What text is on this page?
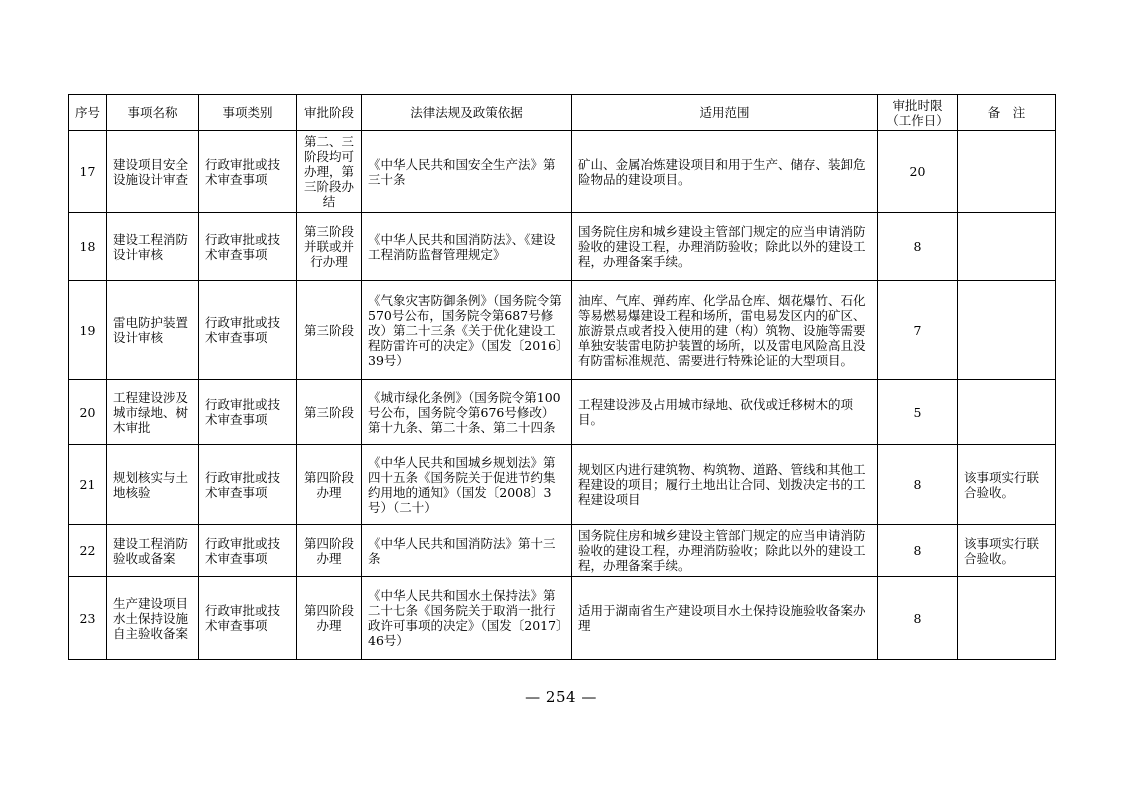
序号	事项名称	事项类别	审批阶段	法律法规及政策依据	适用范围	审批时限（工作日）	备　注
17	建设项目安全设施设计审查	行政审批或技术审查事项	第二、三阶段均可办理，第三阶段办结	《中华人民共和国安全生产法》第三十条	矿山、金属冶炼建设项目和用于生产、储存、装卸危险物品的建设项目。	20	
18	建设工程消防设计审核	行政审批或技术审查事项	第三阶段并联或并行办理	《中华人民共和国消防法》、《建设工程消防监督管理规定》	国务院住房和城乡建设主管部门规定的应当申请消防验收的建设工程，办理消防验收；除此以外的建设工程，办理备案手续。	8	
19	雷电防护装置设计审核	行政审批或技术审查事项	第三阶段	《气象灾害防御条例》（国务院令第570号公布，国务院令第687号修改）第二十三条《关于优化建设工程防雷许可的决定》（国发〔2016〕39号）	油库、气库、弹药库、化学品仓库、烟花爆竹、石化等易燃易爆建设工程和场所，雷电易发区内的矿区、旅游景点或者投入使用的建（构）筑物、设施等需要单独安装雷电防护装置的场所，以及雷电风险高且没有防雷标准规范、需要进行特殊论证的大型项目。	7	
20	工程建设涉及城市绿地、树木审批	行政审批或技术审查事项	第三阶段	《城市绿化条例》（国务院令第100号公布，国务院令第676号修改）第十九条、第二十条、第二十四条	工程建设涉及占用城市绿地、砍伐或迁移树木的项目。	5	
21	规划核实与土地核验	行政审批或技术审查事项	第四阶段办理	《中华人民共和国城乡规划法》第四十五条《国务院关于促进节约集约用地的通知》（国发〔2008〕3号）（二十）	规划区内进行建筑物、构筑物、道路、管线和其他工程建设的项目；履行土地出让合同、划拨决定书的工程建设项目	8	该事项实行联合验收。
22	建设工程消防验收或备案	行政审批或技术审查事项	第四阶段办理	《中华人民共和国消防法》第十三条	国务院住房和城乡建设主管部门规定的应当申请消防验收的建设工程，办理消防验收；除此以外的建设工程，办理备案手续。	8	该事项实行联合验收。
23	生产建设项目水土保持设施自主验收备案	行政审批或技术审查事项	第四阶段办理	《中华人民共和国水土保持法》第二十七条《国务院关于取消一批行政许可事项的决定》（国发〔2017〕46号）	适用于湖南省生产建设项目水土保持设施验收备案办理	8	
— 254 —
